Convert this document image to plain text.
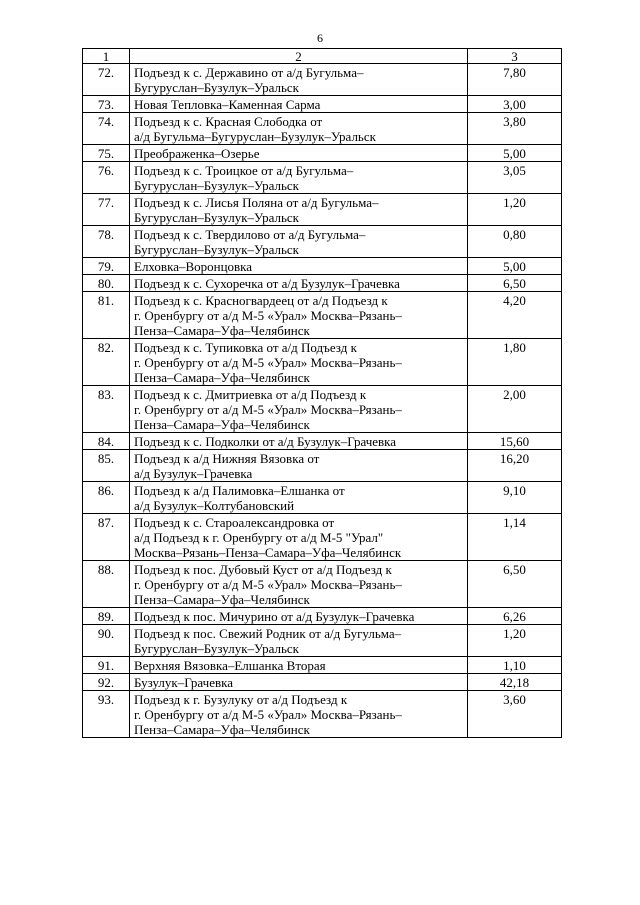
6
1	2	3
72.	Подъезд к с. Державино от а/д Бугульма–
Бугуруслан–Бузулук–Уральск	7,80
73.	Новая Тепловка–Каменная Сарма	3,00
74.	Подъезд к с. Красная Слободка от
а/д Бугульма–Бугуруслан–Бузулук–Уральск	3,80
75.	Преображенка–Озерье	5,00
76.	Подъезд к с. Троицкое от а/д Бугульма–
Бугуруслан–Бузулук–Уральск	3,05
77.	Подъезд к с. Лисья Поляна от а/д Бугульма–
Бугуруслан–Бузулук–Уральск	1,20
78.	Подъезд к с. Твердилово от а/д Бугульма–
Бугуруслан–Бузулук–Уральск	0,80
79.	Елховка–Воронцовка	5,00
80.	Подъезд к с. Сухоречка от а/д Бузулук–Грачевка	6,50
81.	Подъезд к с. Красногвардеец от а/д Подъезд к
г. Оренбургу от а/д М-5 «Урал» Москва–Рязань–
Пенза–Самара–Уфа–Челябинск	4,20
82.	Подъезд к с. Тупиковка от а/д Подъезд к
г. Оренбургу от а/д М-5 «Урал» Москва–Рязань–
Пенза–Самара–Уфа–Челябинск	1,80
83.	Подъезд к с. Дмитриевка от а/д Подъезд к
г. Оренбургу от а/д М-5 «Урал» Москва–Рязань–
Пенза–Самара–Уфа–Челябинск	2,00
84.	Подъезд к с. Подколки от а/д Бузулук–Грачевка	15,60
85.	Подъезд к а/д Нижняя Вязовка от
а/д Бузулук–Грачевка	16,20
86.	Подъезд к а/д Палимовка–Елшанка от
а/д Бузулук–Колтубановский	9,10
87.	Подъезд к с. Староалександровка от
а/д Подъезд к г. Оренбургу от а/д М-5 "Урал"
Москва–Рязань–Пенза–Самара–Уфа–Челябинск	1,14
88.	Подъезд к пос. Дубовый Куст от а/д Подъезд к
г. Оренбургу от а/д М-5 «Урал» Москва–Рязань–
Пенза–Самара–Уфа–Челябинск	6,50
89.	Подъезд к пос. Мичурино от а/д Бузулук–Грачевка	6,26
90.	Подъезд к пос. Свежий Родник от а/д Бугульма–
Бугуруслан–Бузулук–Уральск	1,20
91.	Верхняя Вязовка–Елшанка Вторая	1,10
92.	Бузулук–Грачевка	42,18
93.	Подъезд к г. Бузулуку от а/д Подъезд к
г. Оренбургу от а/д М-5 «Урал» Москва–Рязань–
Пенза–Самара–Уфа–Челябинск	3,60
